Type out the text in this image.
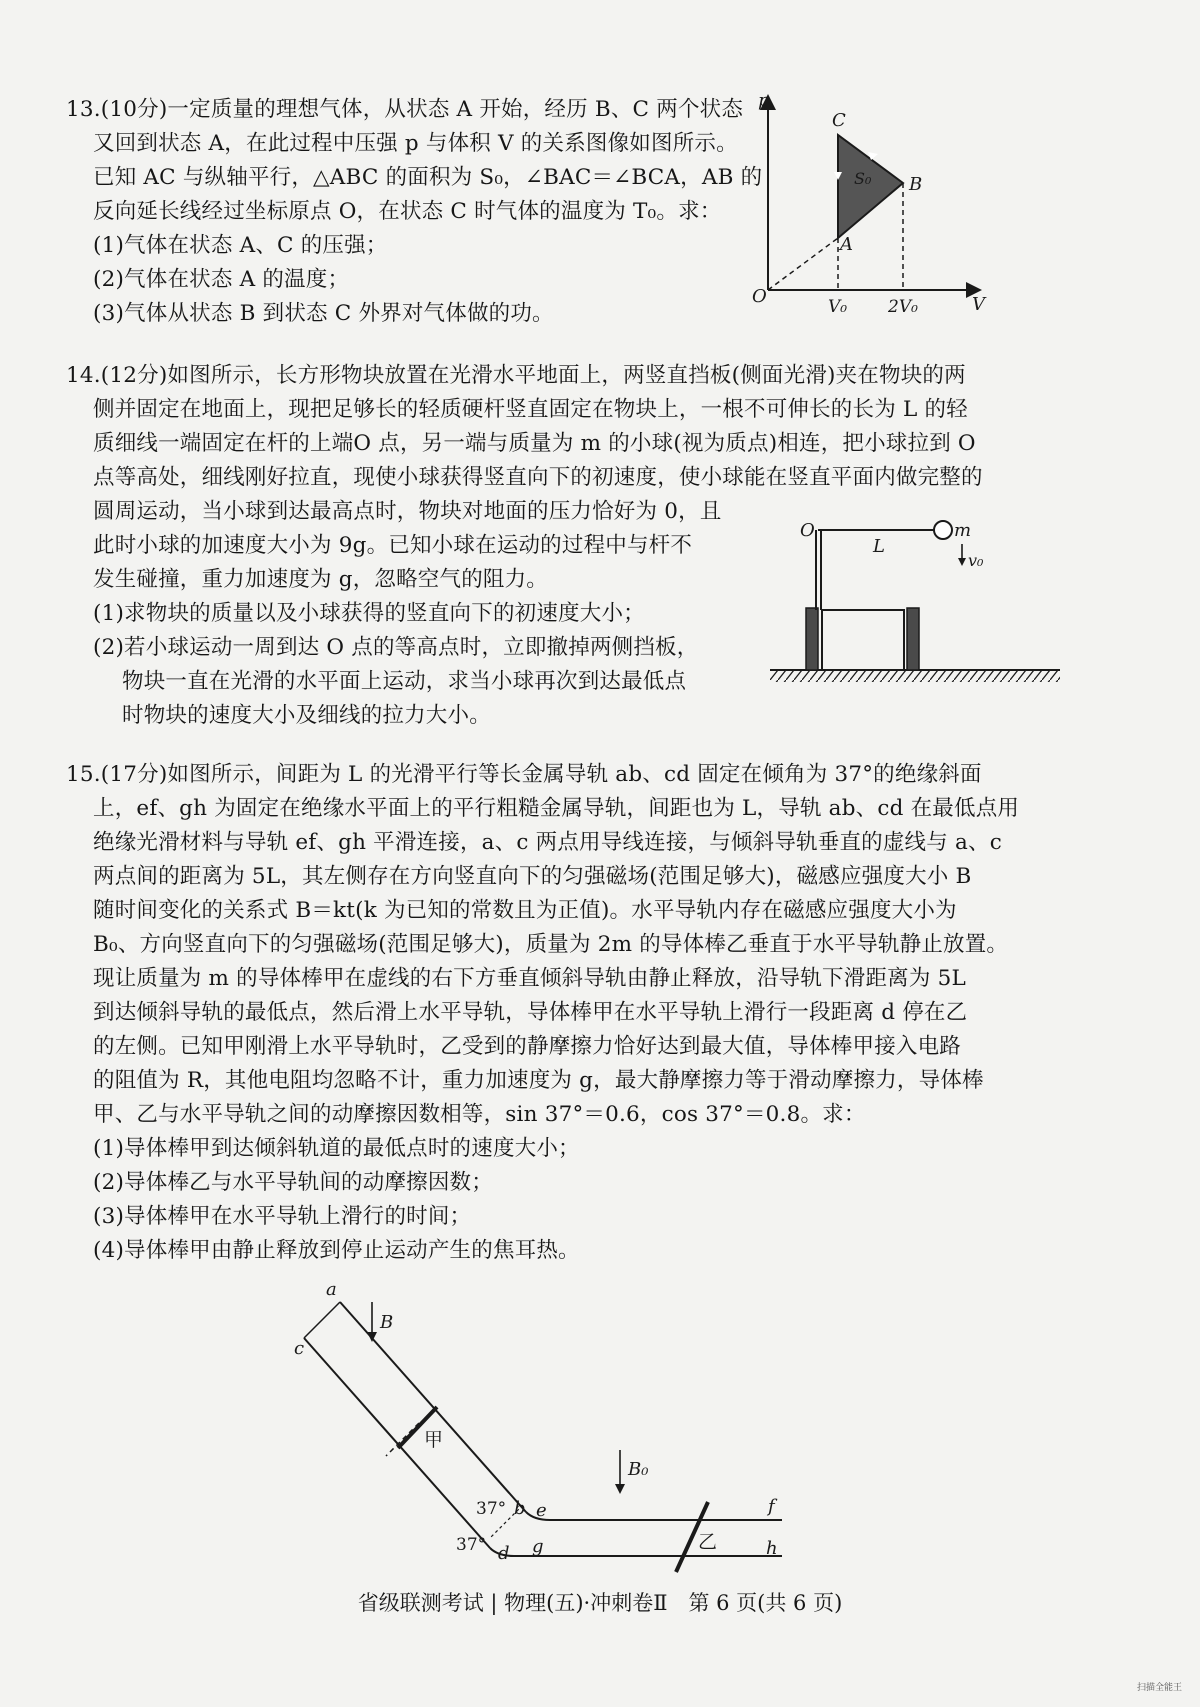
13.(10分)一定质量的理想气体，从状态 A 开始，经历 B、C 两个状态
又回到状态 A，在此过程中压强 p 与体积 V 的关系图像如图所示。
已知 AC 与纵轴平行，△ABC 的面积为 S₀，∠BAC＝∠BCA，AB 的
反向延长线经过坐标原点 O，在状态 C 时气体的温度为 T₀。求：
(1)气体在状态 A、C 的压强；
(2)气体在状态 A 的温度；
(3)气体从状态 B 到状态 C 外界对气体做的功。
p
V
O
C
B
A
S₀
V₀ 2V₀
14.(12分)如图所示，长方形物块放置在光滑水平地面上，两竖直挡板(侧面光滑)夹在物块的两
侧并固定在地面上，现把足够长的轻质硬杆竖直固定在物块上，一根不可伸长的长为 L 的轻
质细线一端固定在杆的上端O 点，另一端与质量为 m 的小球(视为质点)相连，把小球拉到 O
点等高处，细线刚好拉直，现使小球获得竖直向下的初速度，使小球能在竖直平面内做完整的
圆周运动，当小球到达最高点时，物块对地面的压力恰好为 0，且
此时小球的加速度大小为 9g。已知小球在运动的过程中与杆不
发生碰撞，重力加速度为 g，忽略空气的阻力。
(1)求物块的质量以及小球获得的竖直向下的初速度大小；
(2)若小球运动一周到达 O 点的等高点时，立即撤掉两侧挡板，
物块一直在光滑的水平面上运动，求当小球再次到达最低点
时物块的速度大小及细线的拉力大小。
O
L
m
v₀
15.(17分)如图所示，间距为 L 的光滑平行等长金属导轨 ab、cd 固定在倾角为 37°的绝缘斜面
上，ef、gh 为固定在绝缘水平面上的平行粗糙金属导轨，间距也为 L，导轨 ab、cd 在最低点用
绝缘光滑材料与导轨 ef、gh 平滑连接，a、c 两点用导线连接，与倾斜导轨垂直的虚线与 a、c
两点间的距离为 5L，其左侧存在方向竖直向下的匀强磁场(范围足够大)，磁感应强度大小 B
随时间变化的关系式 B＝kt(k 为已知的常数且为正值)。水平导轨内存在磁感应强度大小为
B₀、方向竖直向下的匀强磁场(范围足够大)，质量为 2m 的导体棒乙垂直于水平导轨静止放置。
现让质量为 m 的导体棒甲在虚线的右下方垂直倾斜导轨由静止释放，沿导轨下滑距离为 5L
到达倾斜导轨的最低点，然后滑上水平导轨，导体棒甲在水平导轨上滑行一段距离 d 停在乙
的左侧。已知甲刚滑上水平导轨时，乙受到的静摩擦力恰好达到最大值，导体棒甲接入电路
的阻值为 R，其他电阻均忽略不计，重力加速度为 g，最大静摩擦力等于滑动摩擦力，导体棒
甲、乙与水平导轨之间的动摩擦因数相等，sin 37°＝0.6，cos 37°＝0.8。求：
(1)导体棒甲到达倾斜轨道的最低点时的速度大小；
(2)导体棒乙与水平导轨间的动摩擦因数；
(3)导体棒甲在水平导轨上滑行的时间；
(4)导体棒甲由静止释放到停止运动产生的焦耳热。
a
c
b
d
e
g
f
h
B
B₀
甲
乙
37°
37°
省级联测考试 | 物理(五)·冲刺卷Ⅱ　第 6 页(共 6 页)
扫描全能王
